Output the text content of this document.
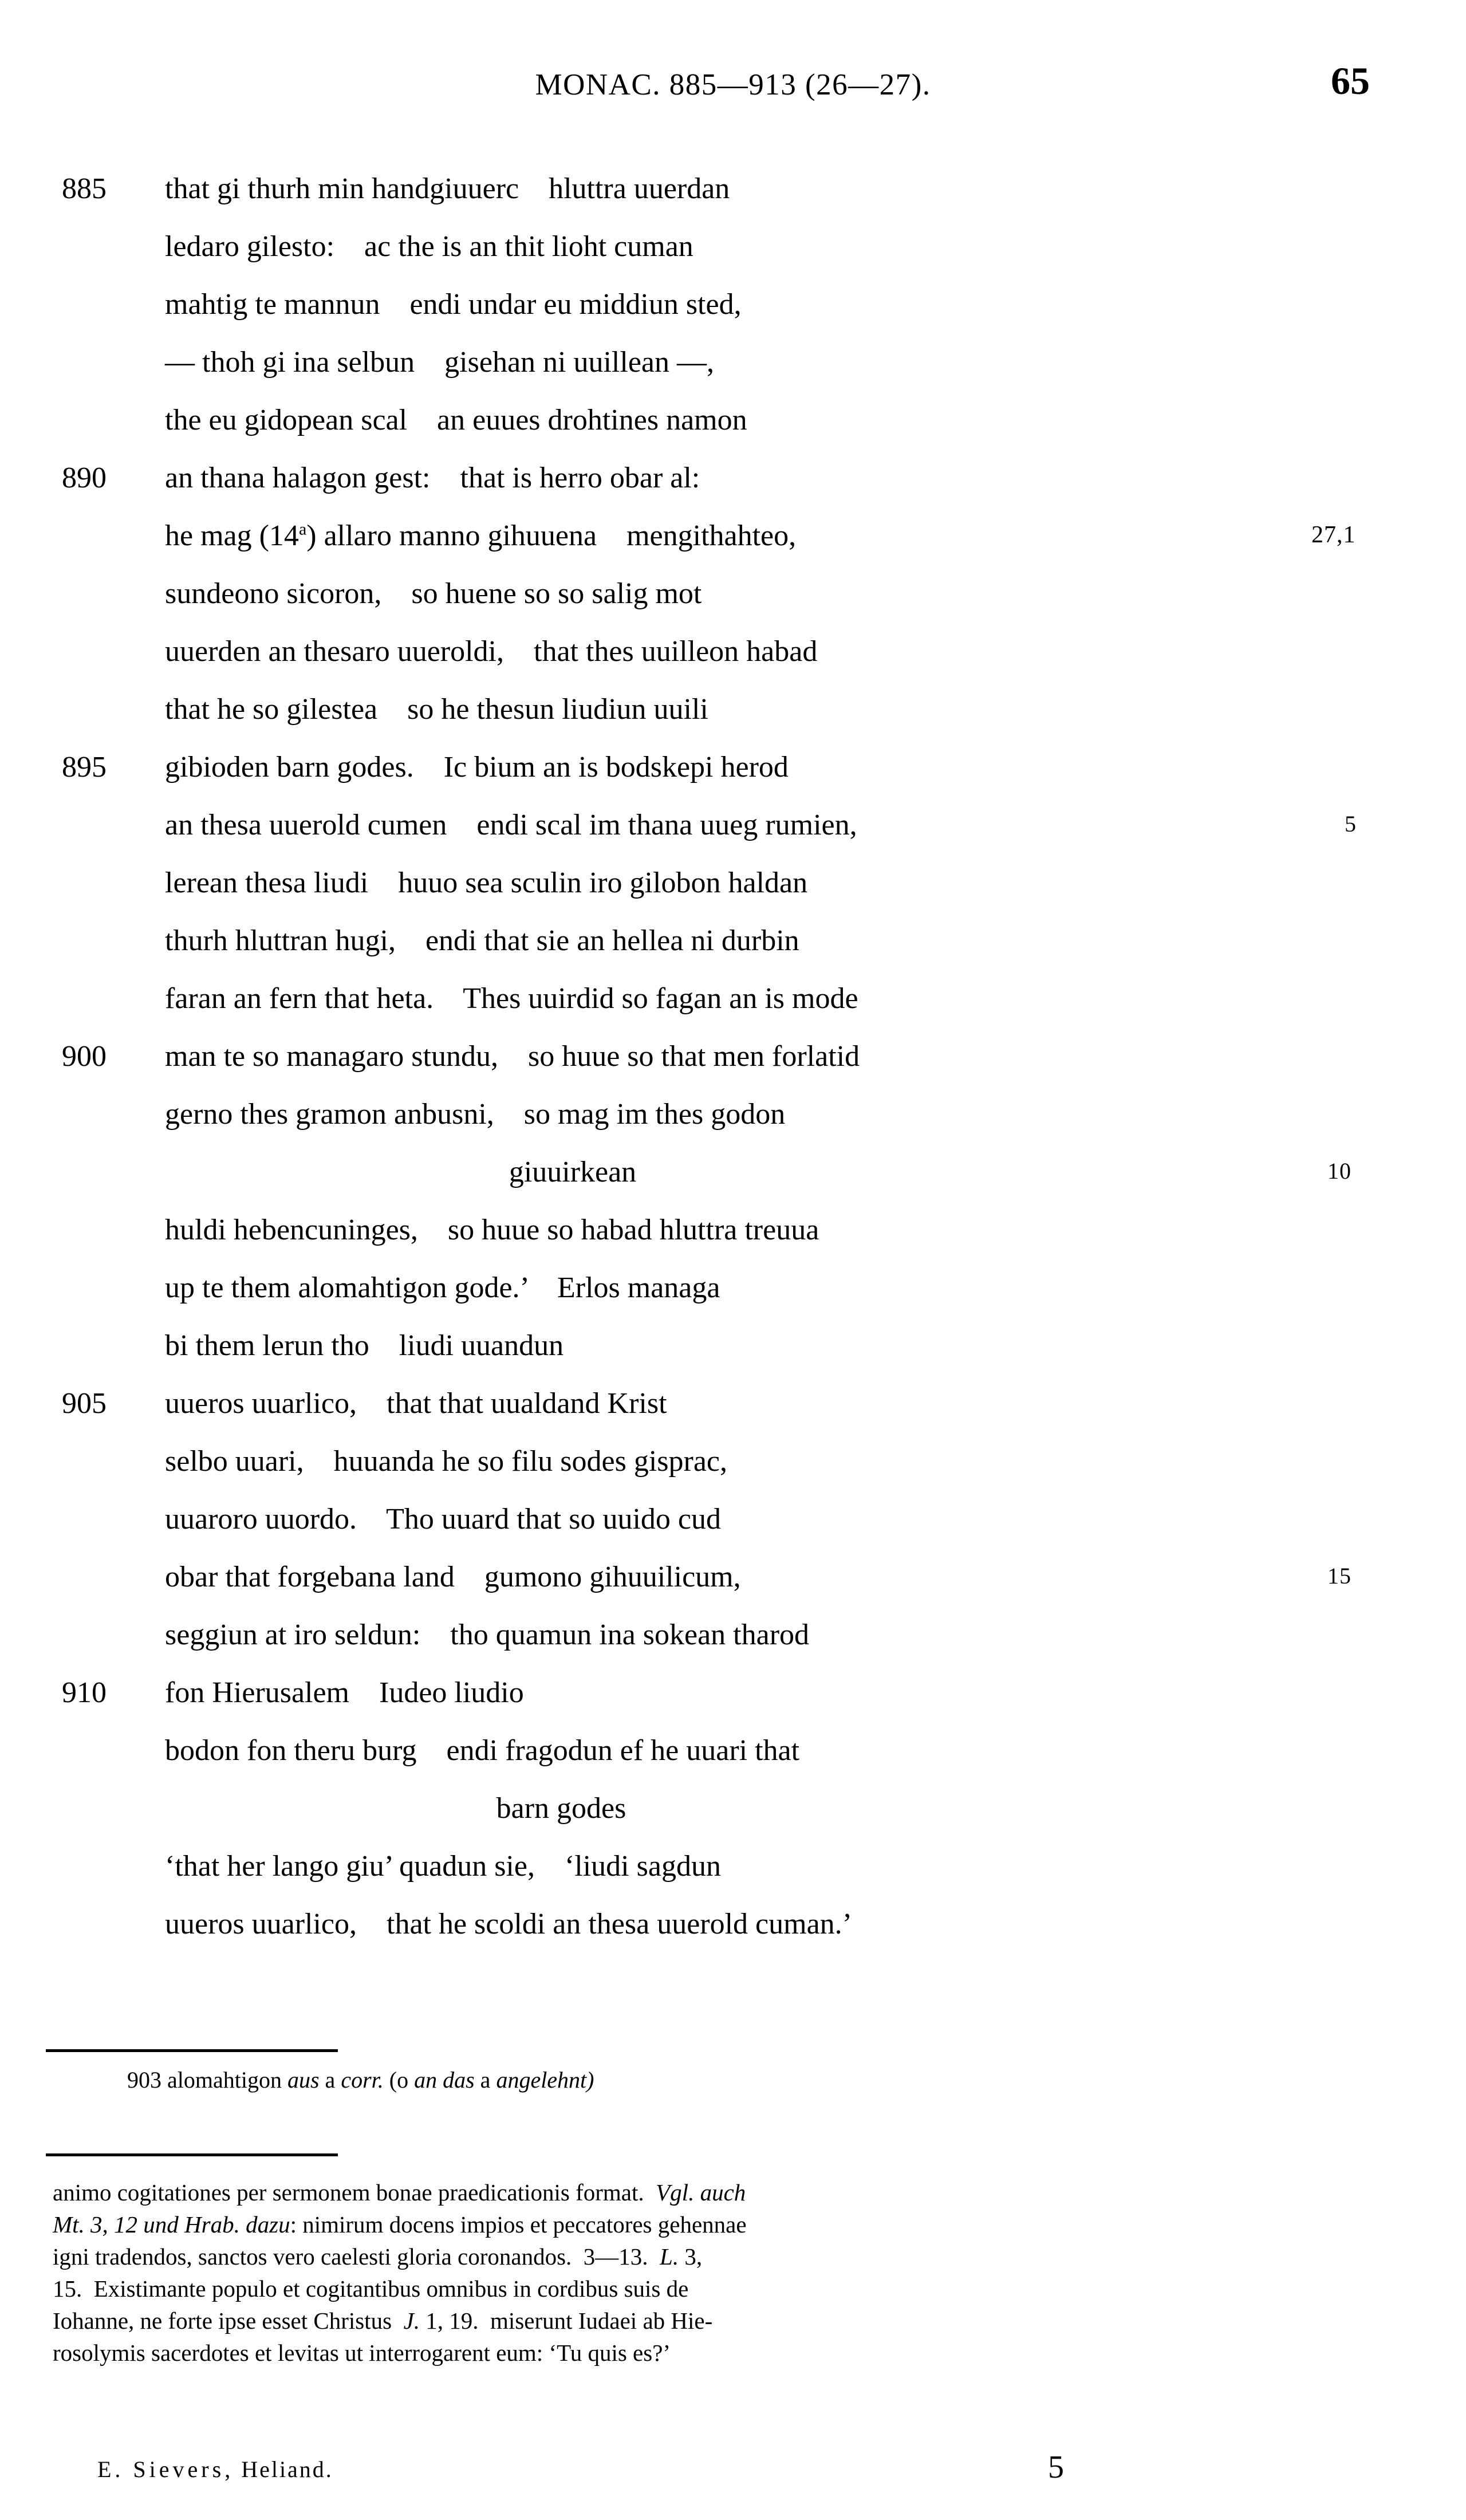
MONAC. 885—913 (26—27).	65
885	that gi thurh min handgiuuerc    hluttra uuerdan
ledaro gilesto:    ac the is an thit lioht cuman
mahtig te mannun    endi undar eu middiun sted,
— thoh gi ina selbun    gisehan ni uuillean —,
the eu gidopean scal    an euues drohtines namon
890	an thana halagon gest:    that is herro obar al:
he mag (14$^a$) allaro manno gihuuena    mengithahteo,	27,1
sundeono sicoron,    so huene so so salig mot
uuerden an thesaro uueroldi,    that thes uuilleon habad
that he so gilestea    so he thesun liudiun uuili
895	gibioden barn godes.    Ic bium an is bodskepi herod
an thesa uuerold cumen    endi scal im thana uueg rumien,	5
lerean thesa liudi    huuo sea sculin iro gilobon haldan
thurh hluttran hugi,    endi that sie an hellea ni durbin
faran an fern that heta.    Thes uuirdid so fagan an is mode
900	man te so managaro stundu,    so huue so that men forlatid
gerno thes gramon anbusni,    so mag im thes godon
giuuirkean	10
huldi hebencuninges,    so huue so habad hluttra treuua
up te them alomahtigon gode.’    Erlos managa
bi them lerun tho    liudi uuandun
905	uueros uuarlico,    that that uualdand Krist
selbo uuari,    huuanda he so filu sodes gisprac,
uuaroro uuordo.    Tho uuard that so uuido cud
obar that forgebana land    gumono gihuuilicum,	15
seggiun at iro seldun:    tho quamun ina sokean tharod
910	fon Hierusalem    Iudeo liudio
bodon fon theru burg    endi fragodun ef he uuari that
barn godes
‘that her lango giu’ quadun sie,    ‘liudi sagdun
uueros uuarlico,    that he scoldi an thesa uuerold cuman.’
903 alomahtigon aus a corr. (o an das a angelehnt)
animo cogitationes per sermonem bonae praedicationis format. Vgl. auch
Mt. 3, 12 und Hrab. dazu: nimirum docens impios et peccatores gehennae
igni tradendos, sanctos vero caelesti gloria coronandos. 3—13. L. 3,
15. Existimante populo et cogitantibus omnibus in cordibus suis de
Iohanne, ne forte ipse esset Christus J. 1, 19. miserunt Iudaei ab Hie-
rosolymis sacerdotes et levitas ut interrogarent eum: ‘Tu quis es?’
E. Sievers, Heliand.	5
